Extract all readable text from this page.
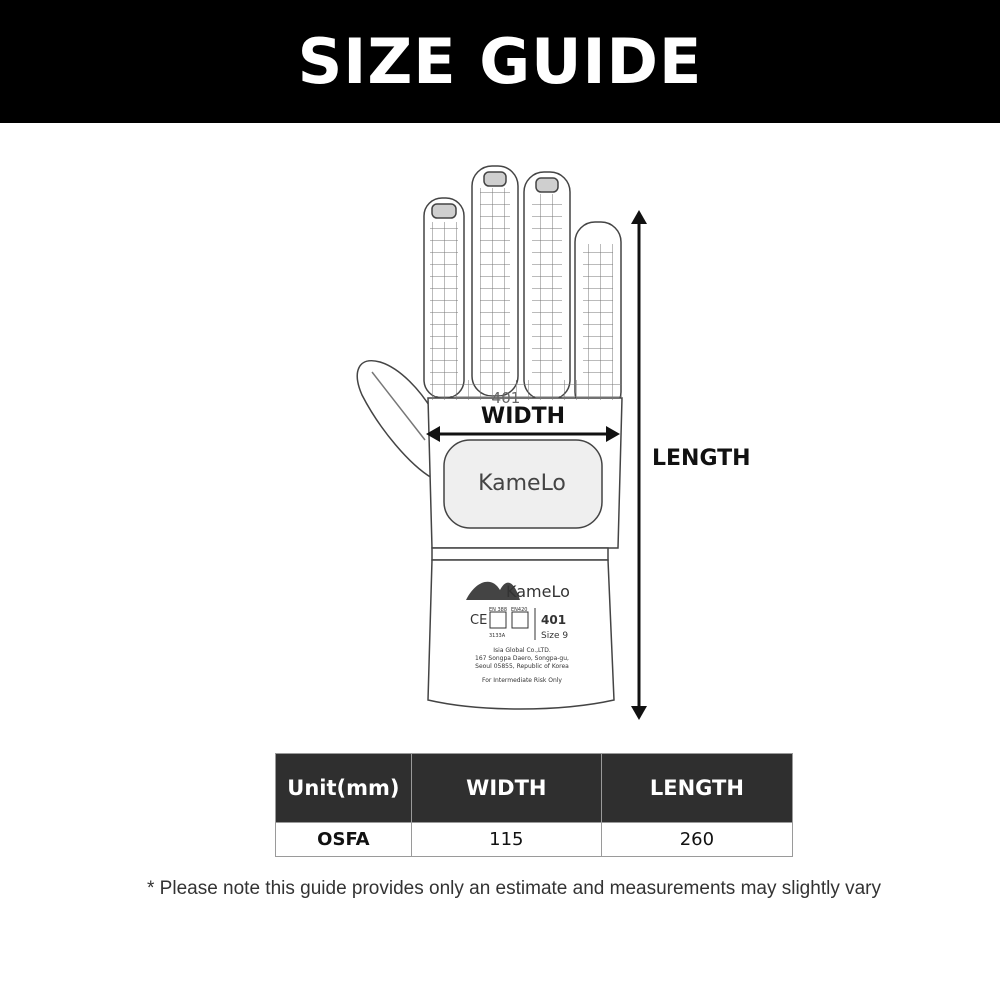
SIZE GUIDE
401
WIDTH
KameLo
KameLo
CE
EN 388
3133A
EN420
401
Size 9
Isia Global Co.,LTD.
167 Songpa Daero, Songpa-gu,
Seoul 05855, Republic of Korea
For Intermediate Risk Only
LENGTH
Unit(mm)	WIDTH	LENGTH
OSFA	115	260
* Please note this guide provides only an estimate and measurements may slightly vary
